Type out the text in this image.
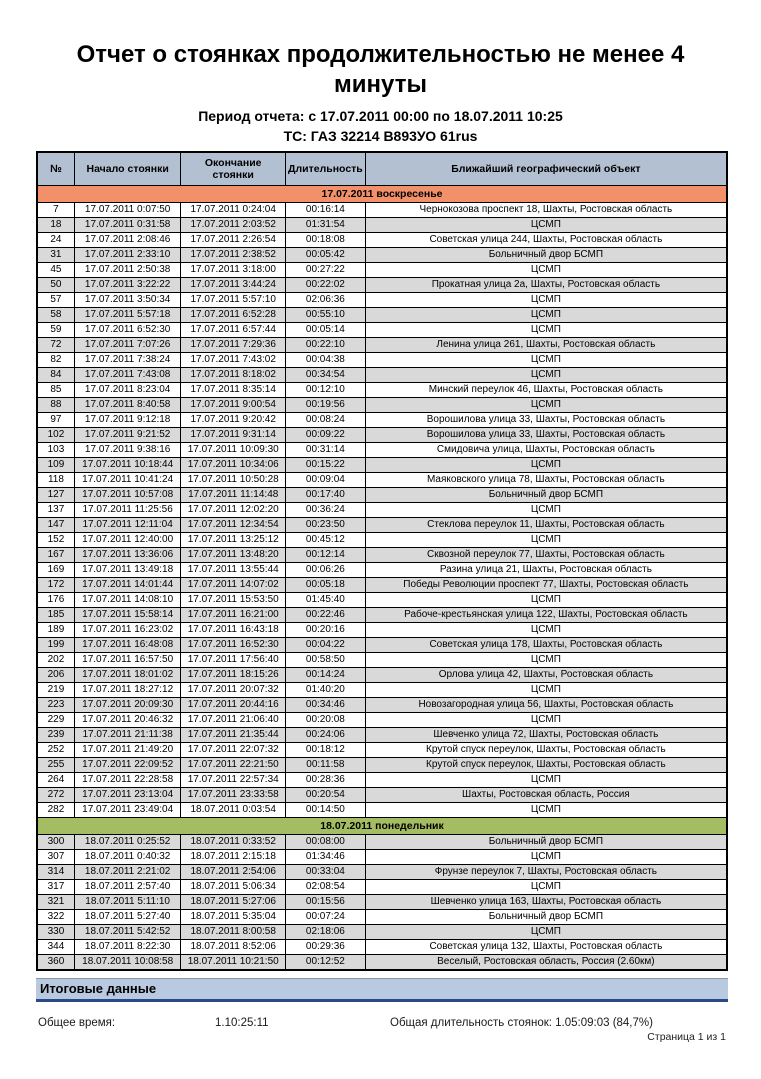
Отчет о стоянках продолжительностью не менее 4 минуты
Период отчета: с 17.07.2011 00:00 по 18.07.2011 10:25
ТС: ГАЗ 32214 В893УО 61rus
№	Начало стоянки	Окончание стоянки	Длительность	Ближайший географический объект
17.07.2011 воскресенье				
7	17.07.2011 0:07:50	17.07.2011 0:24:04	00:16:14	Чернокозова проспект 18, Шахты, Ростовская область
18	17.07.2011 0:31:58	17.07.2011 2:03:52	01:31:54	ЦСМП
24	17.07.2011 2:08:46	17.07.2011 2:26:54	00:18:08	Советская улица 244, Шахты, Ростовская область
31	17.07.2011 2:33:10	17.07.2011 2:38:52	00:05:42	Больничный двор БСМП
45	17.07.2011 2:50:38	17.07.2011 3:18:00	00:27:22	ЦСМП
50	17.07.2011 3:22:22	17.07.2011 3:44:24	00:22:02	Прокатная улица 2а, Шахты, Ростовская область
57	17.07.2011 3:50:34	17.07.2011 5:57:10	02:06:36	ЦСМП
58	17.07.2011 5:57:18	17.07.2011 6:52:28	00:55:10	ЦСМП
59	17.07.2011 6:52:30	17.07.2011 6:57:44	00:05:14	ЦСМП
72	17.07.2011 7:07:26	17.07.2011 7:29:36	00:22:10	Ленина улица 261, Шахты, Ростовская область
82	17.07.2011 7:38:24	17.07.2011 7:43:02	00:04:38	ЦСМП
84	17.07.2011 7:43:08	17.07.2011 8:18:02	00:34:54	ЦСМП
85	17.07.2011 8:23:04	17.07.2011 8:35:14	00:12:10	Минский переулок 46, Шахты, Ростовская область
88	17.07.2011 8:40:58	17.07.2011 9:00:54	00:19:56	ЦСМП
97	17.07.2011 9:12:18	17.07.2011 9:20:42	00:08:24	Ворошилова улица 33, Шахты, Ростовская область
102	17.07.2011 9:21:52	17.07.2011 9:31:14	00:09:22	Ворошилова улица 33, Шахты, Ростовская область
103	17.07.2011 9:38:16	17.07.2011 10:09:30	00:31:14	Смидовича улица, Шахты, Ростовская область
109	17.07.2011 10:18:44	17.07.2011 10:34:06	00:15:22	ЦСМП
118	17.07.2011 10:41:24	17.07.2011 10:50:28	00:09:04	Маяковского улица 78, Шахты, Ростовская область
127	17.07.2011 10:57:08	17.07.2011 11:14:48	00:17:40	Больничный двор БСМП
137	17.07.2011 11:25:56	17.07.2011 12:02:20	00:36:24	ЦСМП
147	17.07.2011 12:11:04	17.07.2011 12:34:54	00:23:50	Стеклова переулок 11, Шахты, Ростовская область
152	17.07.2011 12:40:00	17.07.2011 13:25:12	00:45:12	ЦСМП
167	17.07.2011 13:36:06	17.07.2011 13:48:20	00:12:14	Сквозной переулок 77, Шахты, Ростовская область
169	17.07.2011 13:49:18	17.07.2011 13:55:44	00:06:26	Разина улица 21, Шахты, Ростовская область
172	17.07.2011 14:01:44	17.07.2011 14:07:02	00:05:18	Победы Революции проспект 77, Шахты, Ростовская область
176	17.07.2011 14:08:10	17.07.2011 15:53:50	01:45:40	ЦСМП
185	17.07.2011 15:58:14	17.07.2011 16:21:00	00:22:46	Рабоче-крестьянская улица 122, Шахты, Ростовская область
189	17.07.2011 16:23:02	17.07.2011 16:43:18	00:20:16	ЦСМП
199	17.07.2011 16:48:08	17.07.2011 16:52:30	00:04:22	Советская улица 178, Шахты, Ростовская область
202	17.07.2011 16:57:50	17.07.2011 17:56:40	00:58:50	ЦСМП
206	17.07.2011 18:01:02	17.07.2011 18:15:26	00:14:24	Орлова улица 42, Шахты, Ростовская область
219	17.07.2011 18:27:12	17.07.2011 20:07:32	01:40:20	ЦСМП
223	17.07.2011 20:09:30	17.07.2011 20:44:16	00:34:46	Новозагородная улица 56, Шахты, Ростовская область
229	17.07.2011 20:46:32	17.07.2011 21:06:40	00:20:08	ЦСМП
239	17.07.2011 21:11:38	17.07.2011 21:35:44	00:24:06	Шевченко улица 72, Шахты, Ростовская область
252	17.07.2011 21:49:20	17.07.2011 22:07:32	00:18:12	Крутой спуск переулок, Шахты, Ростовская область
255	17.07.2011 22:09:52	17.07.2011 22:21:50	00:11:58	Крутой спуск переулок, Шахты, Ростовская область
264	17.07.2011 22:28:58	17.07.2011 22:57:34	00:28:36	ЦСМП
272	17.07.2011 23:13:04	17.07.2011 23:33:58	00:20:54	Шахты, Ростовская область, Россия
282	17.07.2011 23:49:04	18.07.2011 0:03:54	00:14:50	ЦСМП
18.07.2011 понедельник				
300	18.07.2011 0:25:52	18.07.2011 0:33:52	00:08:00	Больничный двор БСМП
307	18.07.2011 0:40:32	18.07.2011 2:15:18	01:34:46	ЦСМП
314	18.07.2011 2:21:02	18.07.2011 2:54:06	00:33:04	Фрунзе переулок 7, Шахты, Ростовская область
317	18.07.2011 2:57:40	18.07.2011 5:06:34	02:08:54	ЦСМП
321	18.07.2011 5:11:10	18.07.2011 5:27:06	00:15:56	Шевченко улица 163, Шахты, Ростовская область
322	18.07.2011 5:27:40	18.07.2011 5:35:04	00:07:24	Больничный двор БСМП
330	18.07.2011 5:42:52	18.07.2011 8:00:58	02:18:06	ЦСМП
344	18.07.2011 8:22:30	18.07.2011 8:52:06	00:29:36	Советская улица 132, Шахты, Ростовская область
360	18.07.2011 10:08:58	18.07.2011 10:21:50	00:12:52	Веселый, Ростовская область, Россия (2.60км)
Итоговые данные
Общее время:	1.10:25:11	Общая длительность стоянок: 1.05:09:03 (84,7%)
Страница 1 из 1
